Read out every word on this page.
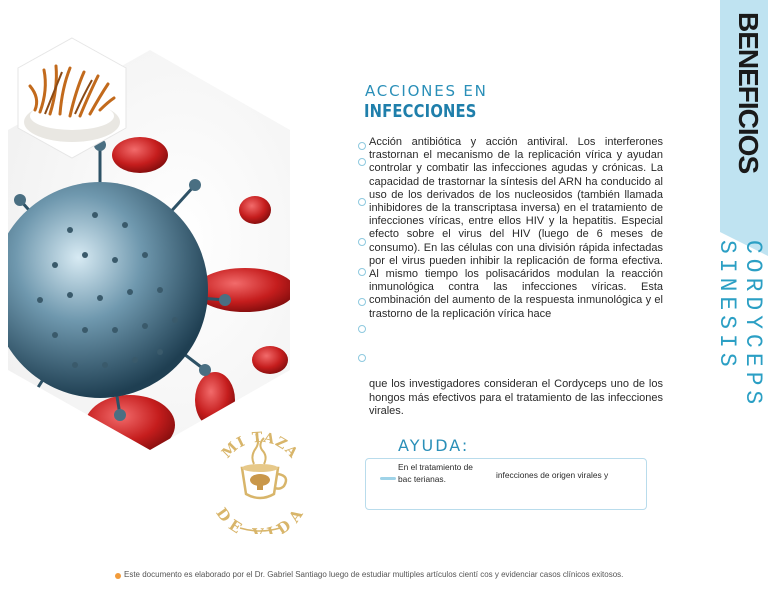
BENEFICIOS
CORDYCEPS SINESIS
MI TAZA
DE IDA
ACCIONES EN
INFECCIONES
Acción antibiótica y acción antiviral. Los interferones trastornan el mecanismo de la replicación vírica y ayudan controlar y combatir las infecciones agudas y crónicas. La capacidad de trastornar la síntesis del ARN ha conducido al uso de los derivados de los nucleosidos (también llamada inhibidores de la transcriptasa inversa) en el tratamiento de infecciones víricas, entre ellos HIV y la hepatitis. Especial efecto sobre el virus del HIV (luego de 6 meses de consumo). En las células con una división rápida infectadas por el virus pueden inhibir la replicación de forma efectiva. Al mismo tiempo los polisacáridos modulan la reacción inmunológica contra las infecciones víricas. Esta combinación del aumento de la respuesta inmunológica y el trastorno de la replicación vírica hace
que los investigadores consideran el Cordyceps uno de los hongos más efectivos para el tratamiento de las infecciones virales.
AYUDA:
En el tratamiento de bac terianas.	infecciones de origen virales y
Este documento es elaborado por el Dr. Gabriel Santiago luego de estudiar multiples artículos cientí cos y evidenciar casos clínicos exitosos.
